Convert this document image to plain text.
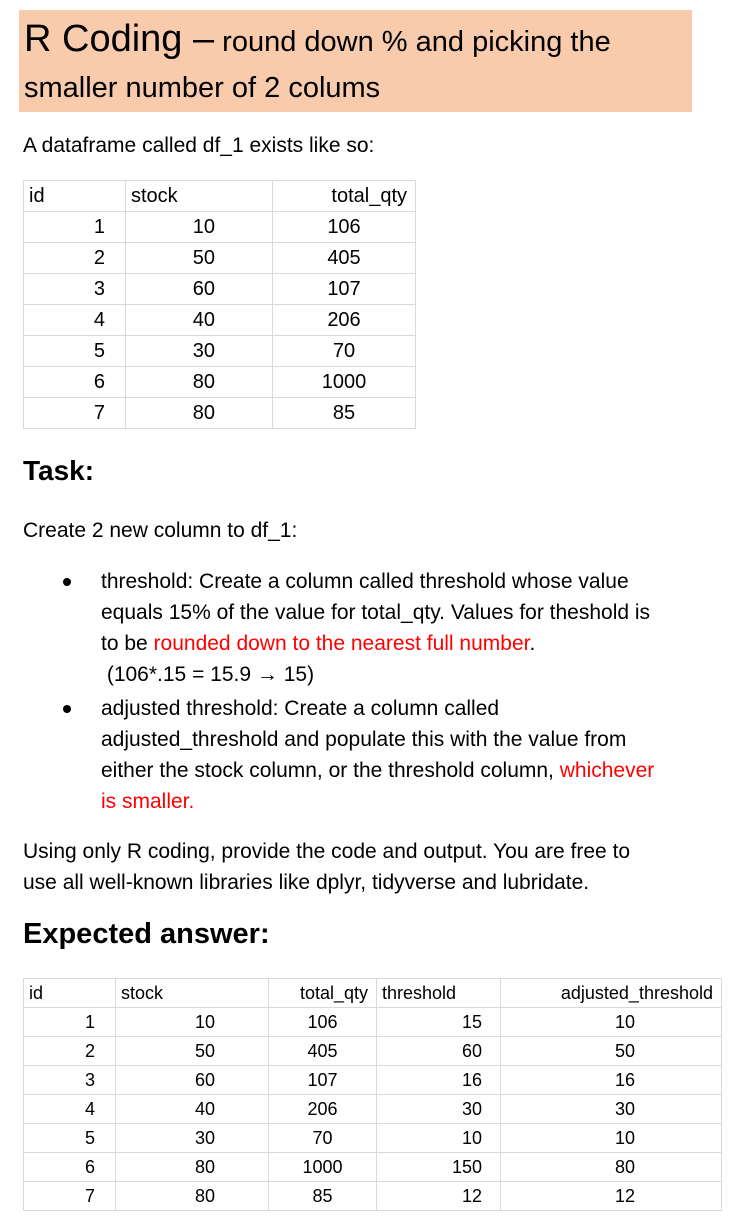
R Coding – round down % and picking the
smaller number of 2 colums
A dataframe called df_1 exists like so:
id	stock	total_qty
1	10	106
2	50	405
3	60	107
4	40	206
5	30	70
6	80	1000
7	80	85
Task:
Create 2 new column to df_1:
threshold: Create a column called threshold whose value
equals 15% of the value for total_qty. Values for theshold is
to be rounded down to the nearest full number.
(106*.15 = 15.9 → 15)
adjusted threshold: Create a column called
adjusted_threshold and populate this with the value from
either the stock column, or the threshold column, whichever
is smaller.
Using only R coding, provide the code and output. You are free to
use all well-known libraries like dplyr, tidyverse and lubridate.
Expected answer:
id	stock	total_qty	threshold	adjusted_threshold
1	10	106	15	10
2	50	405	60	50
3	60	107	16	16
4	40	206	30	30
5	30	70	10	10
6	80	1000	150	80
7	80	85	12	12
